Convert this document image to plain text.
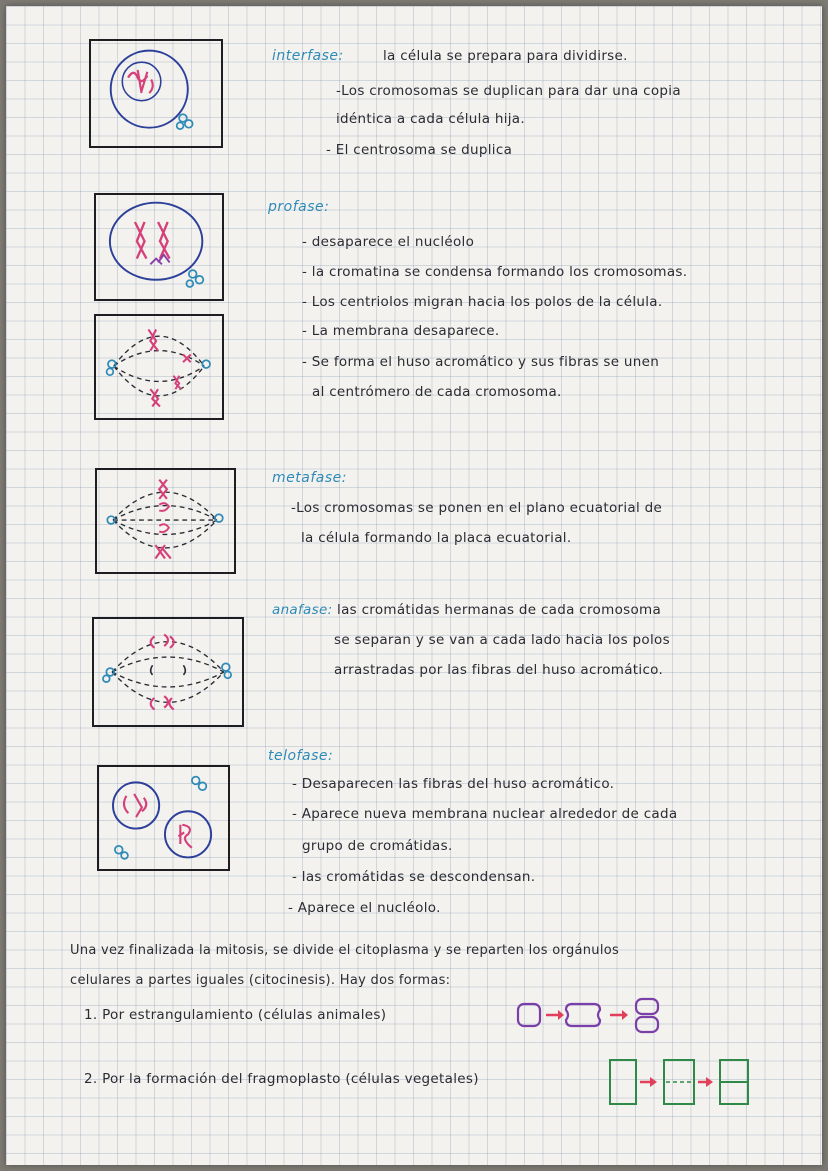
interfase:	la célula se prepara para dividirse.
-Los cromosomas se duplican para dar una copia
idéntica a cada célula hija.
- El centrosoma se duplica
profase:
- desaparece el nucléolo
- la cromatina se condensa formando los cromosomas.
- Los centriolos migran hacia los polos de la célula.
- La membrana desaparece.
- Se forma el huso acromático y sus fibras se unen
al centrómero de cada cromosoma.
metafase:
-Los cromosomas se ponen en el plano ecuatorial de
la célula formando la placa ecuatorial.
anafase: las cromátidas hermanas de cada cromosoma
se separan y se van a cada lado hacia los polos
arrastradas por las fibras del huso acromático.
telofase:
- Desaparecen las fibras del huso acromático.
- Aparece nueva membrana nuclear alrededor de cada
grupo de cromátidas.
- las cromátidas se descondensan.
- Aparece el nucléolo.
Una vez finalizada la mitosis, se divide el citoplasma y se reparten los orgánulos
celulares a partes iguales (citocinesis). Hay dos formas:
1. Por estrangulamiento (células animales)
2. Por la formación del fragmoplasto (células vegetales)
